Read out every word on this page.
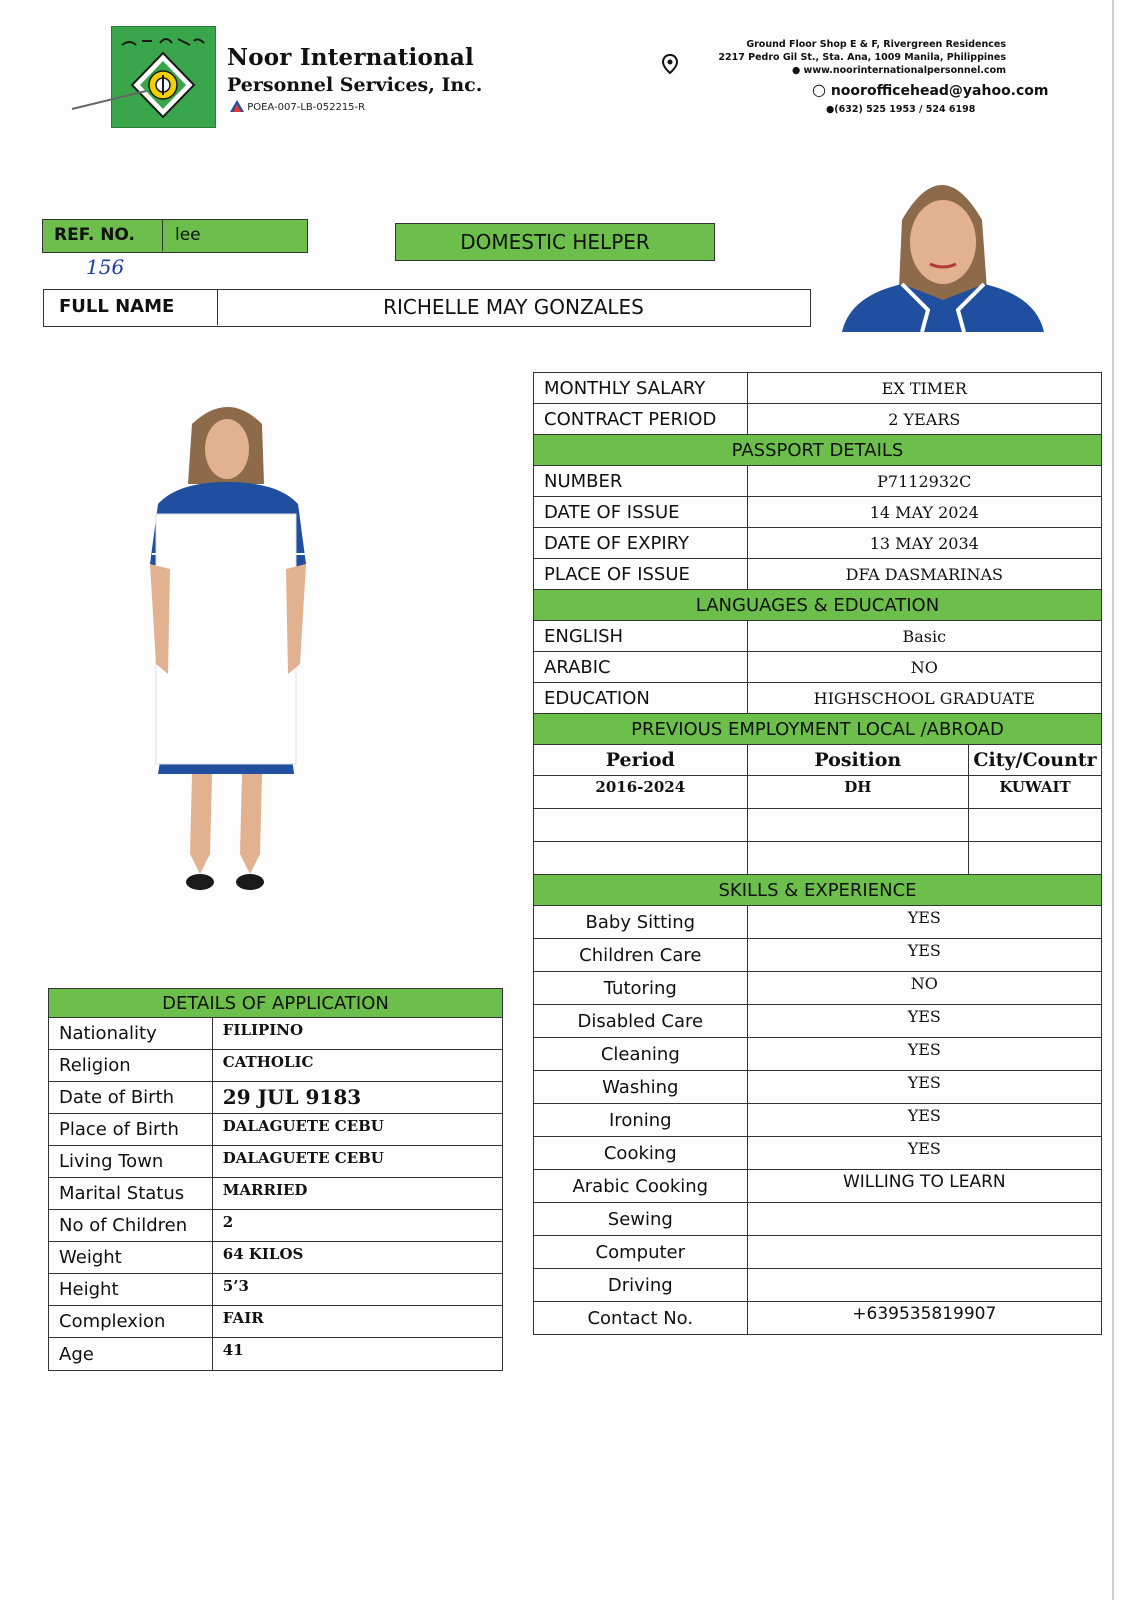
Noor International
Personnel Services, Inc.
POEA-007-LB-052215-R
Ground Floor Shop E & F, Rivergreen Residences
2217 Pedro Gil St., Sta. Ana, 1009 Manila, Philippines
● www.noorinternationalpersonnel.com
○ noorofficehead@yahoo.com
●(632) 525 1953 / 524 6198
REF. NO.	lee
156
DOMESTIC HELPER
FULL NAME	RICHELLE MAY GONZALES
MONTHLY SALARY	EX TIMER	
CONTRACT PERIOD	2 YEARS	
PASSPORT DETAILS		
NUMBER	P7112932C	
DATE OF ISSUE	14 MAY 2024	
DATE OF EXPIRY	13 MAY 2034	
PLACE OF ISSUE	DFA DASMARINAS	
LANGUAGES & EDUCATION		
ENGLISH	Basic	
ARABIC	NO	
EDUCATION	HIGHSCHOOL GRADUATE	
PREVIOUS EMPLOYMENT LOCAL /ABROAD		
Period	Position	City/Countr
2016-2024	DH	KUWAIT

SKILLS & EXPERIENCE		
Baby Sitting	YES	
Children Care	YES	
Tutoring	NO	
Disabled Care	YES	
Cleaning	YES	
Washing	YES	
Ironing	YES	
Cooking	YES	
Arabic Cooking	WILLING TO LEARN	
Sewing		
Computer		
Driving		
Contact No.	+639535819907	
DETAILS OF APPLICATION	
Nationality	FILIPINO
Religion	CATHOLIC
Date of Birth	29 JUL 9183
Place of Birth	DALAGUETE CEBU
Living Town	DALAGUETE CEBU
Marital Status	MARRIED
No of Children	2
Weight	64 KILOS
Height	5’3
Complexion	FAIR
Age	41
